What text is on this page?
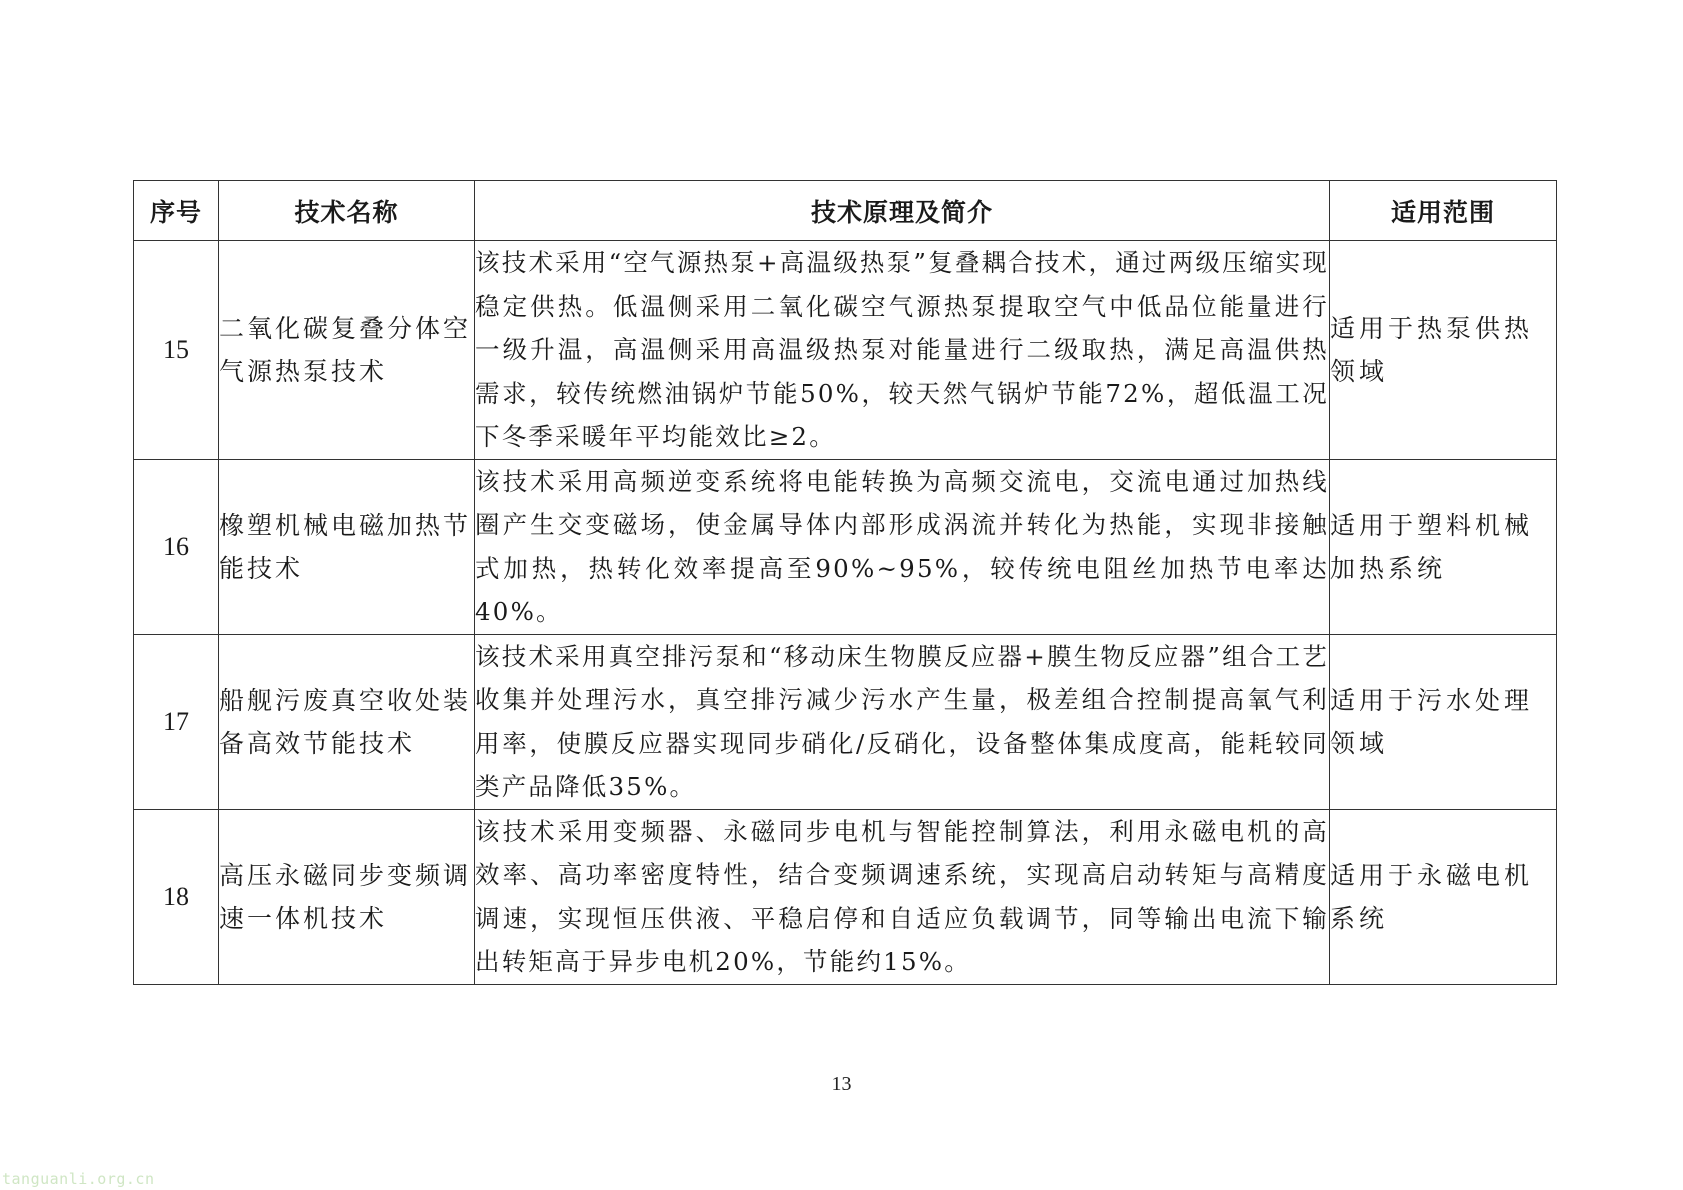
序号	技术名称	技术原理及简介	适用范围
15	二氧化碳复叠分体空气源热泵技术	该技术采用“空气源热泵+高温级热泵”复叠耦合技术，通过两级压缩实现稳定供热。低温侧采用二氧化碳空气源热泵提取空气中低品位能量进行一级升温，高温侧采用高温级热泵对能量进行二级取热，满足高温供热需求，较传统燃油锅炉节能50%，较天然气锅炉节能72%，超低温工况下冬季采暖年平均能效比≥2。	适用于热泵供热领域
16	橡塑机械电磁加热节能技术	该技术采用高频逆变系统将电能转换为高频交流电，交流电通过加热线圈产生交变磁场，使金属导体内部形成涡流并转化为热能，实现非接触式加热，热转化效率提高至90%~95%，较传统电阻丝加热节电率达40%。	适用于塑料机械加热系统
17	船舰污废真空收处装备高效节能技术	该技术采用真空排污泵和“移动床生物膜反应器+膜生物反应器”组合工艺收集并处理污水，真空排污减少污水产生量，极差组合控制提高氧气利用率，使膜反应器实现同步硝化/反硝化，设备整体集成度高，能耗较同类产品降低35%。	适用于污水处理领域
18	高压永磁同步变频调速一体机技术	该技术采用变频器、永磁同步电机与智能控制算法，利用永磁电机的高效率、高功率密度特性，结合变频调速系统，实现高启动转矩与高精度调速，实现恒压供液、平稳启停和自适应负载调节，同等输出电流下输出转矩高于异步电机20%，节能约15%。	适用于永磁电机系统
13
tanguanli.org.cn
